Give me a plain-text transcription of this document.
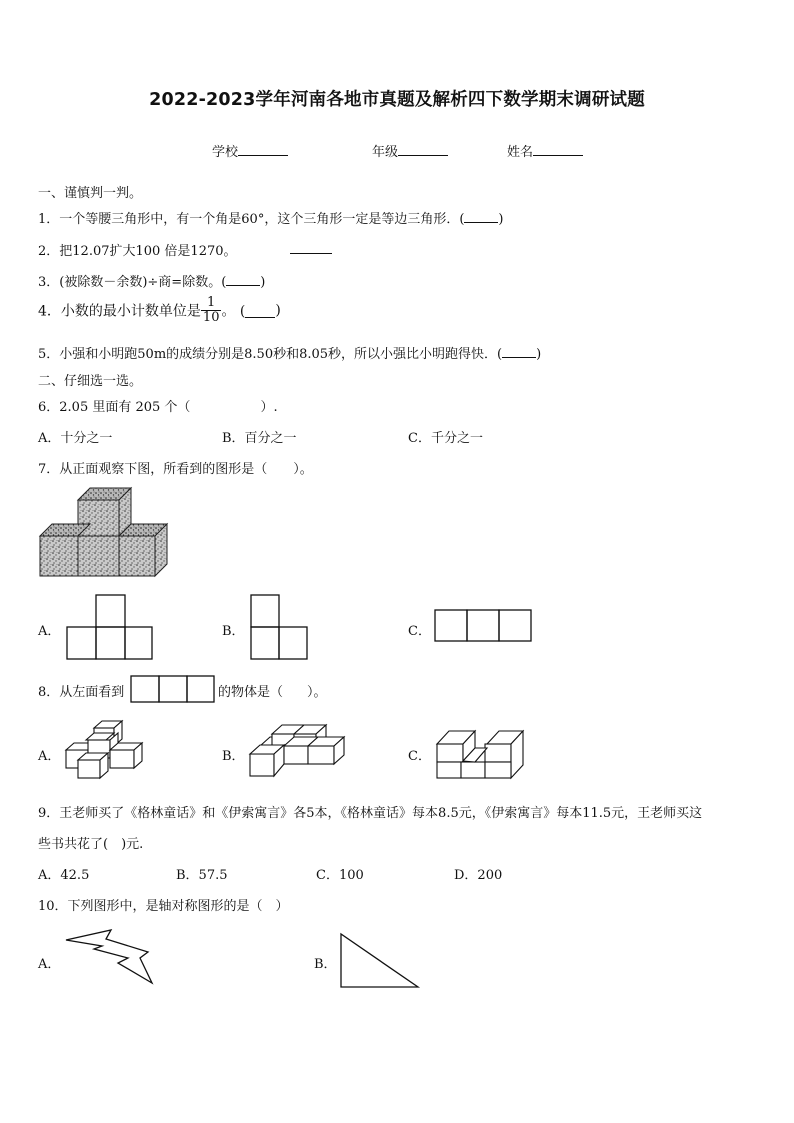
2022-2023学年河南各地市真题及解析四下数学期末调研试题
学校	年级	姓名
一、谨慎判一判。
1．一个等腰三角形中，有一个角是60°，这个三角形一定是等边三角形．(	)
2．把12.07扩大100 倍是1270。
3．(被除数－余数)÷商=除数。(	)
4．小数的最小计数单位是 $\frac{1}{10}$ 。 ( )
5．小强和小明跑50m的成绩分别是8.50秒和8.05秒，所以小强比小明跑得快．(	)
二、仔细选一选。
6．2.05 里面有 205 个（	）.
A．十分之一	B．百分之一	C．千分之一
7．从正面观察下图，所看到的图形是（ ）。
A．	B．	C．
8．从左面看到	的物体是（ ）。
A．	B．	C．
9．王老师买了《格林童话》和《伊索寓言》各5本，《格林童话》每本8.5元，《伊索寓言》每本11.5元，王老师买这
些书共花了(　)元.
A．42.5	B．57.5	C．100	D．200
10．下列图形中，是轴对称图形的是（　）
A．	B．
